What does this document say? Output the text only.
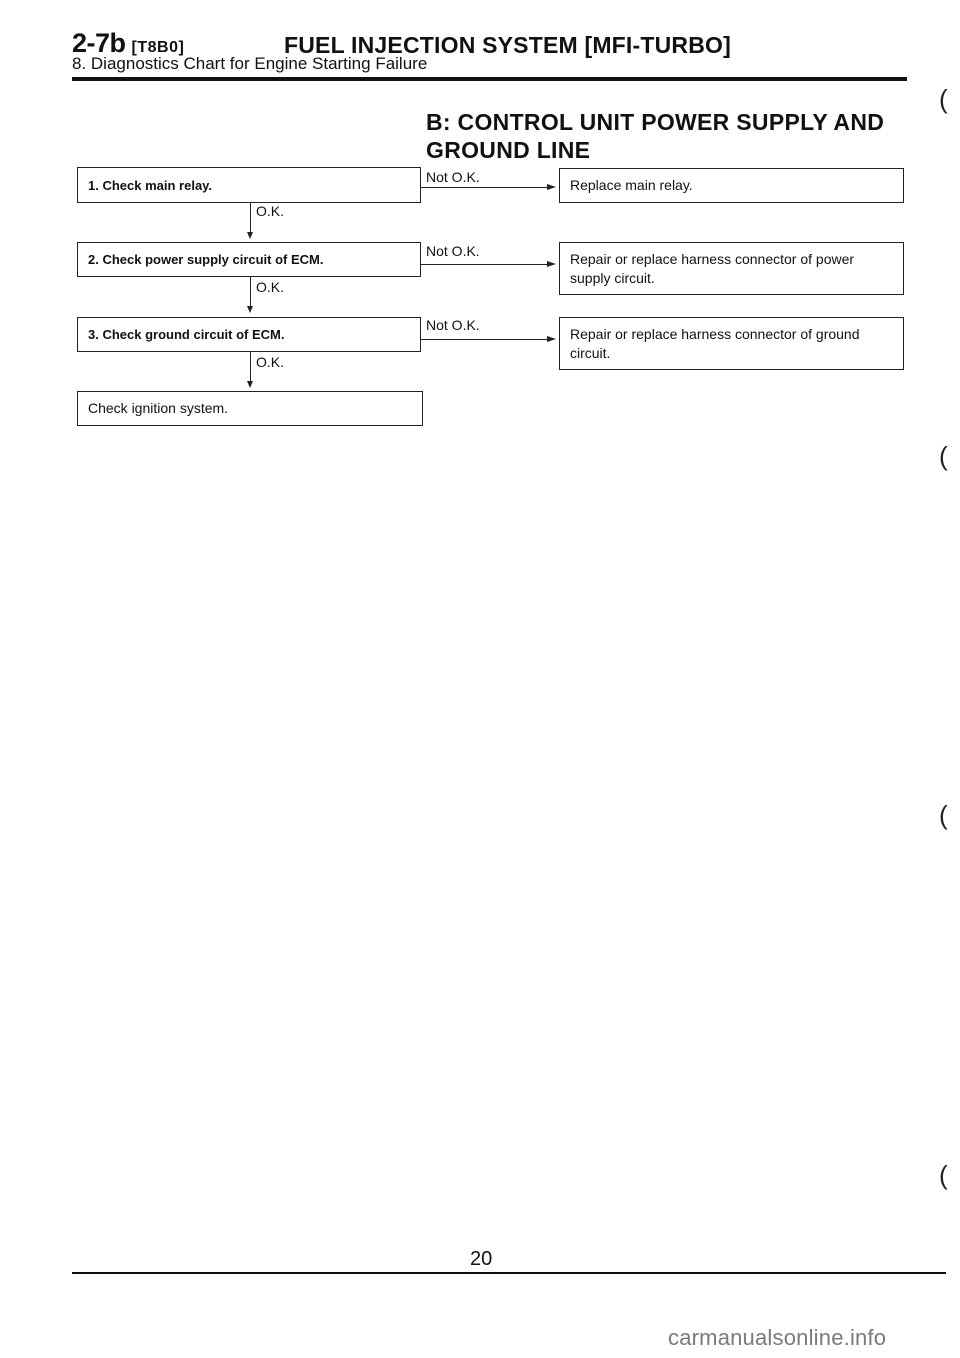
2-7b [T8B0]	FUEL INJECTION SYSTEM [MFI-TURBO]
8. Diagnostics Chart for Engine Starting Failure
B: CONTROL UNIT POWER SUPPLY AND
GROUND LINE
1. Check main relay.	Not O.K.	Replace main relay.
O.K.
2. Check power supply circuit of ECM.
Not O.K.	Repair or replace harness connector of power supply circuit.
O.K.
3. Check ground circuit of ECM.
Not O.K.
Repair or replace harness connector of ground circuit.
O.K.
Check ignition system.
(
(
(
(
20
carmanualsonline.info
